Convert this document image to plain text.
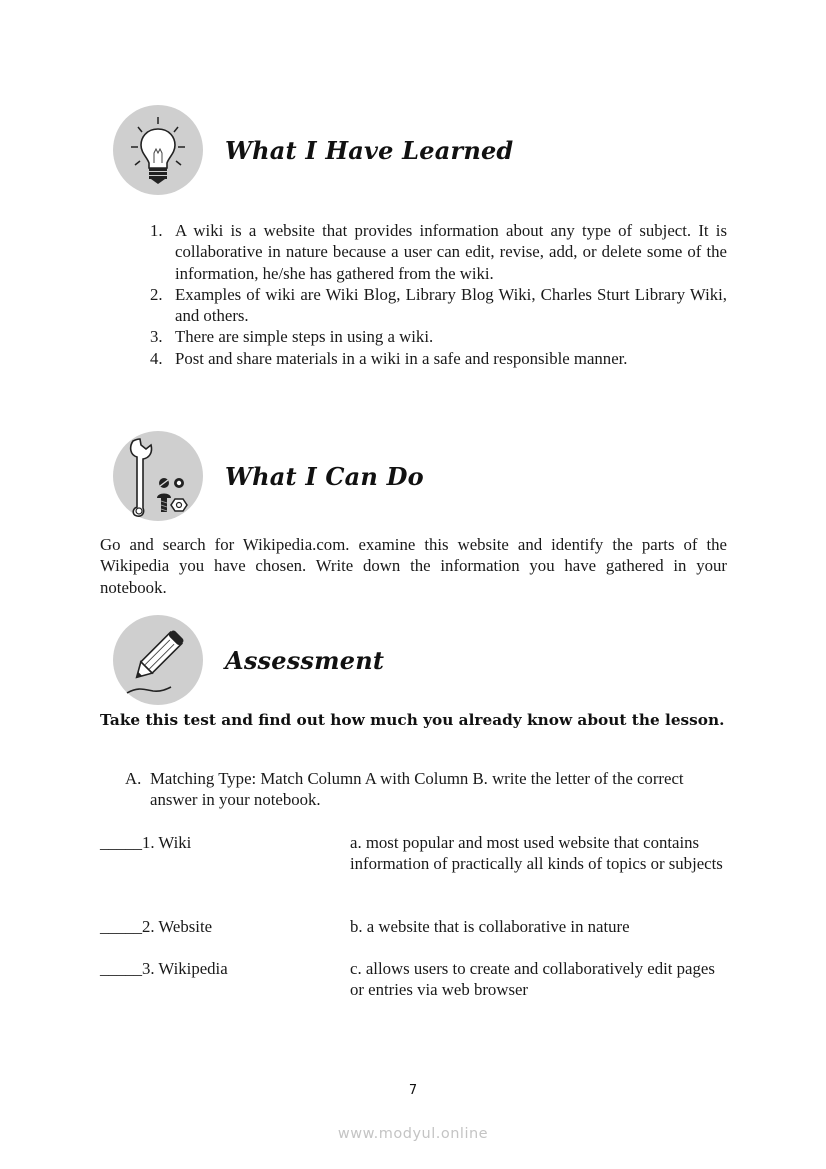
What I Have Learned
1. A wiki is a website that provides information about any type of subject. It is collaborative in nature because a user can edit, revise, add, or delete some of the information, he/she has gathered from the wiki.
2. Examples of wiki are Wiki Blog, Library Blog Wiki, Charles Sturt Library Wiki, and others.
3. There are simple steps in using a wiki.
4. Post and share materials in a wiki in a safe and responsible manner.
What I Can Do

Go and search for Wikipedia.com. examine this website and identify the parts of the Wikipedia you have chosen. Write down the information you have gathered in your notebook.

Assessment
Take this test and find out how much you already know about the lesson.
A. Matching Type: Match Column A with Column B. write the letter of the correct answer in your notebook.
_____1. Wiki	a. most popular and most used website that contains information of practically all kinds of topics or subjects
_____2. Website	b. a website that is collaborative in nature
_____3. Wikipedia	c. allows users to create and collaboratively edit pages or entries via web browser
7
www.modyul.online
